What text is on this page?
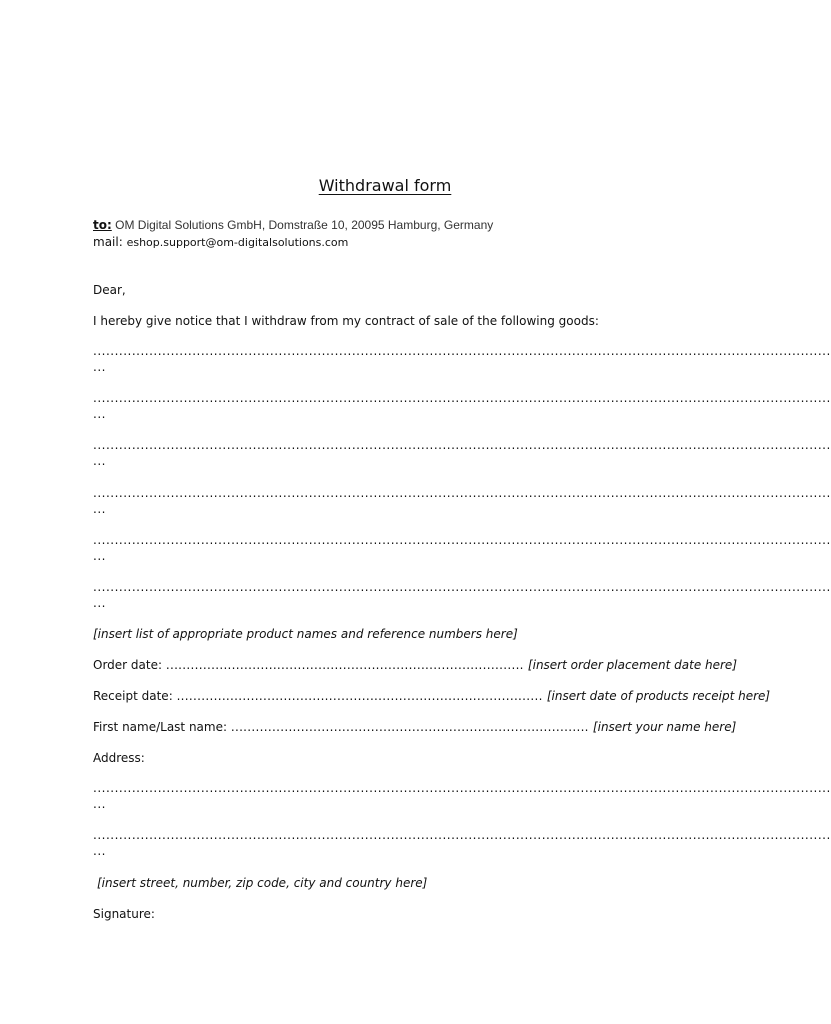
Withdrawal form
to: OM Digital Solutions GmbH, Domstraße 10, 20095 Hamburg, Germany
mail: eshop.support@om-digitalsolutions.com
Dear,
I hereby give notice that I withdraw from my contract of sale of the following goods:
...........................................................................................................................................................................
...
...........................................................................................................................................................................
...
...........................................................................................................................................................................
...
...........................................................................................................................................................................
...
...........................................................................................................................................................................
...
...........................................................................................................................................................................
...
[insert list of appropriate product names and reference numbers here]
Order date: ....................................................................................... [insert order placement date here]
Receipt date: ......................................................................................... [insert date of products receipt here]
First name/Last name: ....................................................................................... [insert your name here]
Address:
...........................................................................................................................................................................
...
...........................................................................................................................................................................
...
[insert street, number, zip code, city and country here]
Signature:
